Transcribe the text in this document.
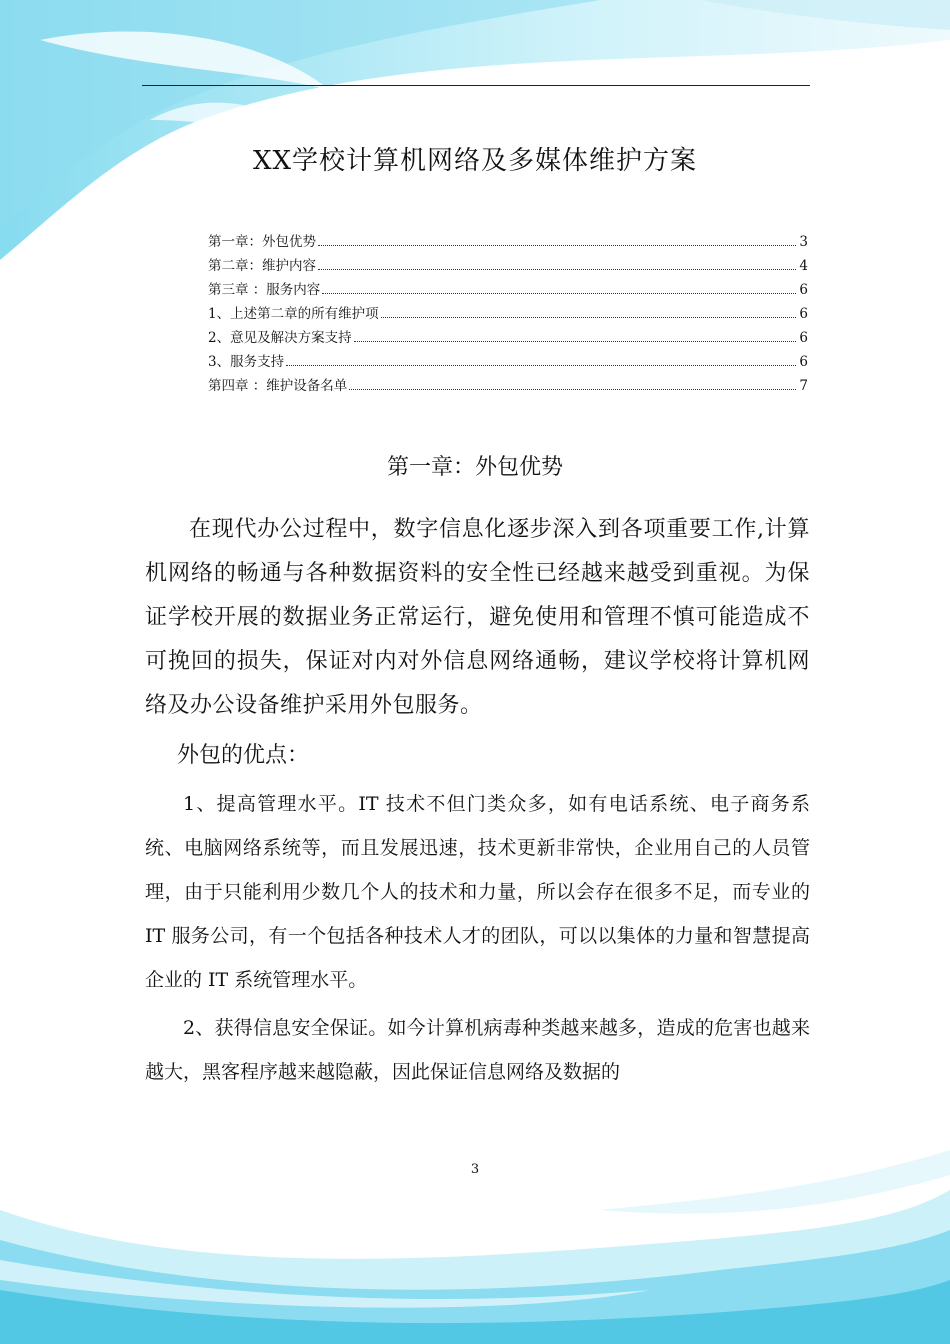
XX学校计算机网络及多媒体维护方案
第一章：外包优势	3
第二章：维护内容	4
第三章 ：服务内容	6
1、上述第二章的所有维护项	6
2、意见及解决方案支持	6
3、服务支持	6
第四章 ：维护设备名单	7
第一章：外包优势

在现代办公过程中，数字信息化逐步深入到各项重要工作,计算机网络的畅通与各种数据资料的安全性已经越来越受到重视。为保证学校开展的数据业务正常运行，避免使用和管理不慎可能造成不可挽回的损失，保证对内对外信息网络通畅，建议学校将计算机网络及办公设备维护采用外包服务。

外包的优点：

1、提高管理水平。IT 技术不但门类众多，如有电话系统、电子商务系统、电脑网络系统等，而且发展迅速，技术更新非常快，企业用自己的人员管理，由于只能利用少数几个人的技术和力量，所以会存在很多不足，而专业的 IT 服务公司，有一个包括各种技术人才的团队，可以以集体的力量和智慧提高企业的 IT 系统管理水平。

2、获得信息安全保证。如今计算机病毒种类越来越多，造成的危害也越来越大，黑客程序越来越隐蔽，因此保证信息网络及数据的

3
